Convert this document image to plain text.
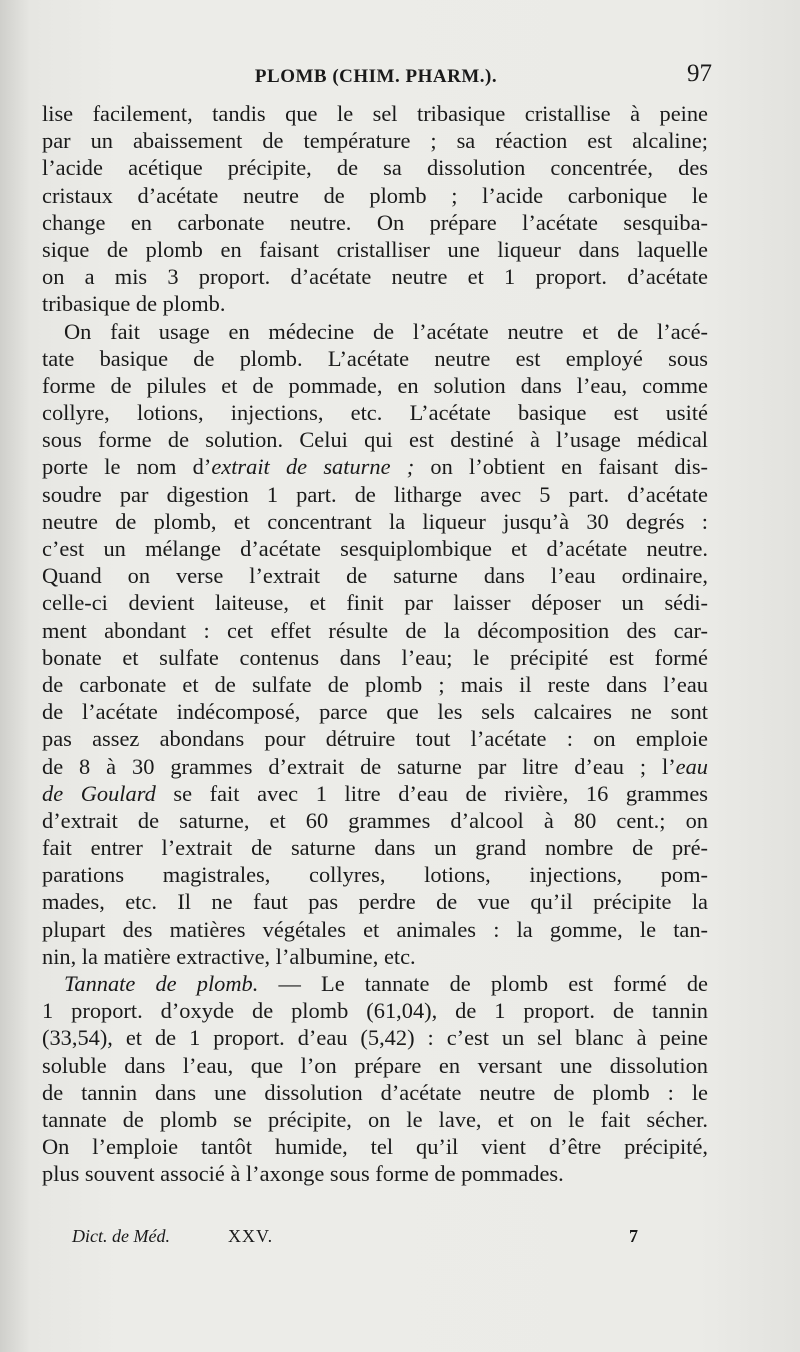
PLOMB (CHIM. PHARM.).	97
lise facilement, tandis que le sel tribasique cristallise à peine
par un abaissement de température ; sa réaction est alcaline;
l’acide acétique précipite, de sa dissolution concentrée, des
cristaux d’acétate neutre de plomb ; l’acide carbonique le
change en carbonate neutre. On prépare l’acétate sesquiba-
sique de plomb en faisant cristalliser une liqueur dans laquelle
on a mis 3 proport. d’acétate neutre et 1 proport. d’acétate
tribasique de plomb.
On fait usage en médecine de l’acétate neutre et de l’acé-
tate basique de plomb. L’acétate neutre est employé sous
forme de pilules et de pommade, en solution dans l’eau, comme
collyre, lotions, injections, etc. L’acétate basique est usité
sous forme de solution. Celui qui est destiné à l’usage médical
porte le nom d’extrait de saturne ; on l’obtient en faisant dis-
soudre par digestion 1 part. de litharge avec 5 part. d’acétate
neutre de plomb, et concentrant la liqueur jusqu’à 30 degrés :
c’est un mélange d’acétate sesquiplombique et d’acétate neutre.
Quand on verse l’extrait de saturne dans l’eau ordinaire,
celle-ci devient laiteuse, et finit par laisser déposer un sédi-
ment abondant : cet effet résulte de la décomposition des car-
bonate et sulfate contenus dans l’eau; le précipité est formé
de carbonate et de sulfate de plomb ; mais il reste dans l’eau
de l’acétate indécomposé, parce que les sels calcaires ne sont
pas assez abondans pour détruire tout l’acétate : on emploie
de 8 à 30 grammes d’extrait de saturne par litre d’eau ; l’eau
de Goulard se fait avec 1 litre d’eau de rivière, 16 grammes
d’extrait de saturne, et 60 grammes d’alcool à 80 cent.; on
fait entrer l’extrait de saturne dans un grand nombre de pré-
parations magistrales, collyres, lotions, injections, pom-
mades, etc. Il ne faut pas perdre de vue qu’il précipite la
plupart des matières végétales et animales : la gomme, le tan-
nin, la matière extractive, l’albumine, etc.
Tannate de plomb. — Le tannate de plomb est formé de
1 proport. d’oxyde de plomb (61,04), de 1 proport. de tannin
(33,54), et de 1 proport. d’eau (5,42) : c’est un sel blanc à peine
soluble dans l’eau, que l’on prépare en versant une dissolution
de tannin dans une dissolution d’acétate neutre de plomb : le
tannate de plomb se précipite, on le lave, et on le fait sécher.
On l’emploie tantôt humide, tel qu’il vient d’être précipité,
plus souvent associé à l’axonge sous forme de pommades.
Dict. de Méd.	XXV.	7
